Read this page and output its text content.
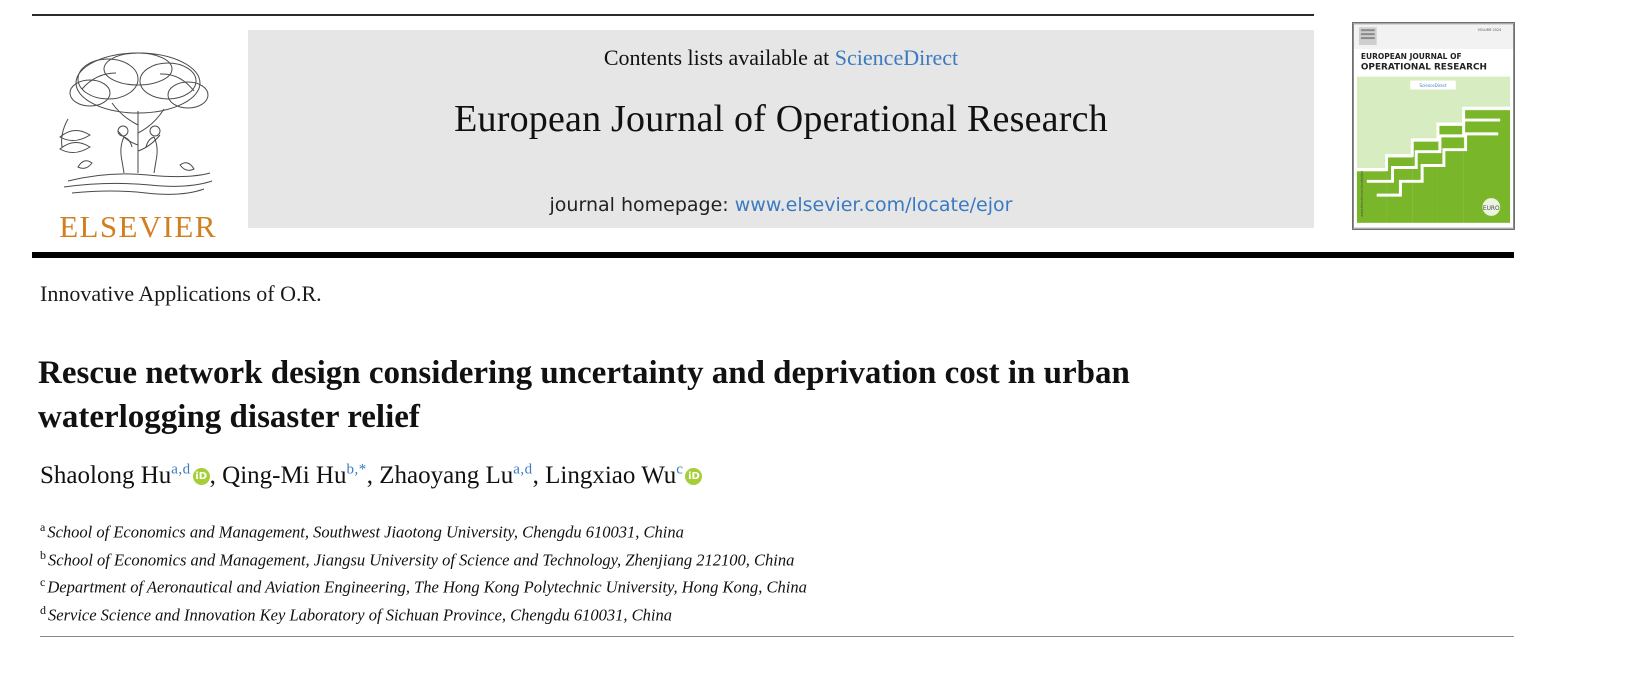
ELSEVIER
Contents lists available at ScienceDirect
European Journal of Operational Research
journal homepage: www.elsevier.com/locate/ejor
VOLUME 2024
EUROPEAN JOURNAL OF
OPERATIONAL RESEARCH
ScienceDirect
EURO
www.elsevier.com/locate/ejor
Innovative Applications of O.R.
Rescue network design considering uncertainty and deprivation cost in urban waterlogging disaster relief
Shaolong Hu$^{a,d}$ iD , Qing-Mi $Hu^{b,*}$, Zhaoyang Lu$^{a,d}$, Lingxiao Wu$^c$ iD
$^a$ School of Economics and Management, Southwest Jiaotong University, Chengdu 610031, China
$^b$ School of Economics and Management, Jiangsu University of Science and Technology, Zhenjiang 212100, China
$^c$ Department of Aeronautical and Aviation Engineering, The Hong Kong Polytechnic University, Hong Kong, China
$^d$ Service Science and Innovation Key Laboratory of Sichuan Province, Chengdu 610031, China
